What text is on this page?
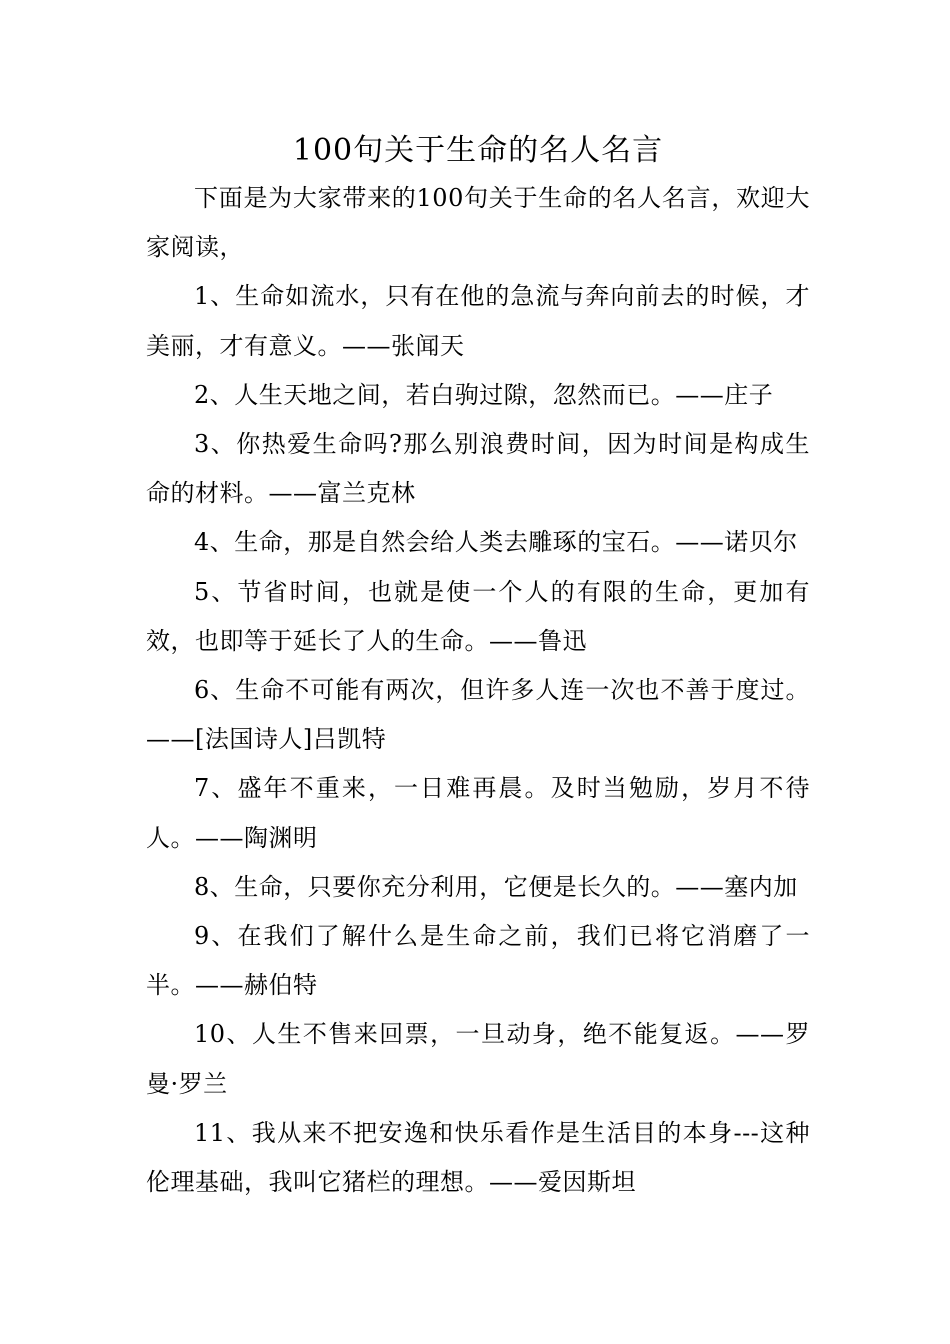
100句关于生命的名人名言

下面是为大家带来的100句关于生命的名人名言，欢迎大家阅读，

1、生命如流水，只有在他的急流与奔向前去的时候，才美丽，才有意义。——张闻天

2、人生天地之间，若白驹过隙，忽然而已。——庄子

3、你热爱生命吗?那么别浪费时间，因为时间是构成生命的材料。——富兰克林

4、生命，那是自然会给人类去雕琢的宝石。——诺贝尔

5、节省时间，也就是使一个人的有限的生命，更加有效，也即等于延长了人的生命。——鲁迅

6、生命不可能有两次，但许多人连一次也不善于度过。——[法国诗人]吕凯特

7、盛年不重来，一日难再晨。及时当勉励，岁月不待人。——陶渊明

8、生命，只要你充分利用，它便是长久的。——塞内加

9、在我们了解什么是生命之前，我们已将它消磨了一半。——赫伯特

10、人生不售来回票，一旦动身，绝不能复返。——罗曼·罗兰

11、我从来不把安逸和快乐看作是生活目的本身---这种伦理基础，我叫它猪栏的理想。——爱因斯坦
